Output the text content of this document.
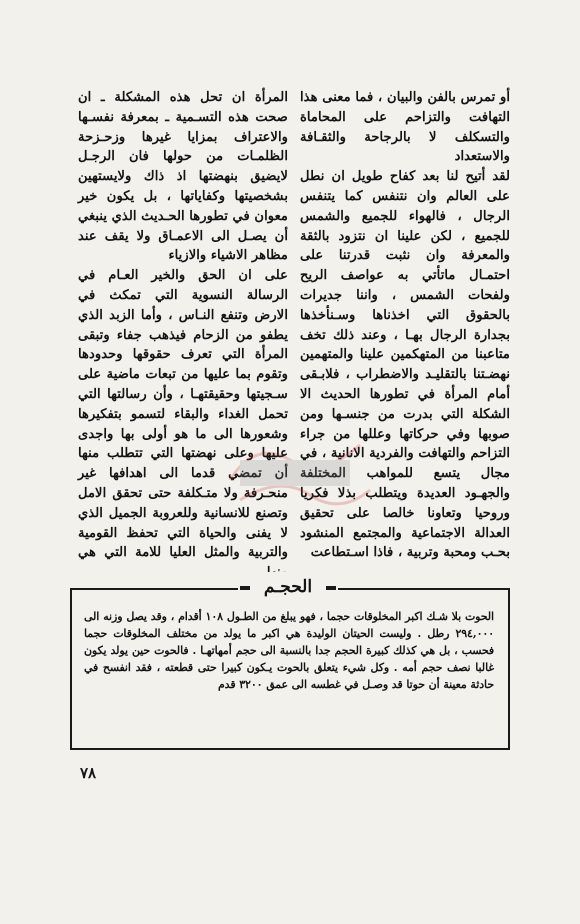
أو تمرس بالفن والبيان ، فما معنى هذا التهافت والتزاحم على المحاماة والتسكلف لا بالرجاحة والثقـافة والاستعداد

لقد أتيح لنا بعد كفاح طويل ان نطل على العالم وان نتنفس كما يتنفس الرجال ، فالهواء للجميع والشمس للجميع ، لكن علينا ان نتزود بالثقة والمعرفة وان نثبت قدرتنا على احتمـال ماتأتي به عواصف الريح ولفحات الشمس ، واننا جديرات بالحقوق التي اخذناها وسـنأخذها بجدارة الرجال بهـا ، وعند ذلك تخف متاعبنا من المتهكمين علينا والمتهمين نهضـتنا بالتقليـد والاضطراب ، فلابـقى أمام المرأة في تطورها الحديث الا الشكلة التي بدرت من جنسـها ومن صوبها وفي حركاتها وعللها من جراء التزاحم والتهافت والفردية الانانية ، في مجال يتسع للمواهب المختلفة والجهـود العديدة ويتطلب بذلا فكريا وروحيا وتعاونا خالصا على تحقيق العدالة الاجتماعية والمجتمع المنشود بحـب ومحبة وتربية ، فاذا اسـتطاعت

المرأة ان تحل هذه المشكلة ـ ان صحت هذه التسـمية ـ بمعرفة نفسـها والاعتراف بمزايا غيرها وزحـزحة الظلمـات من حولها فان الرجـل لايضيق بنهضتها اذ ذاك ولايستهين بشخصيتها وكفاياتها ، بل يكون خير معوان في تطورها الحـديث الذي ينبغي أن يصـل الى الاعمـاق ولا يقف عند مظاهر الاشياء والازياء

على ان الحق والخير العـام في الرسالة النسوية التي تمكث في الارض وتنفع النـاس ، وأما الزبد الذي يطفو من الزحام فيذهب جفاء وتبقى المرأة التي تعرف حقوقها وحدودها وتقوم بما عليها من تبعات ماضية على سـجيتها وحقيقتهـا ، وأن رسالتها التي تحمل الغداء والبقاء لتسمو بتفكيرها وشعورها الى ما هو أولى بها واجدى عليها وعلى نهضتها التي تتطلب منها أن تمضي قدما الى اهدافها غير منحـرفة ولا متـكلفة حتى تحقق الامل وتصنع للانسانية وللعروبة الجميل الذي لا يفنى والحياة التي تحفظ القومية والتربية والمثل العليا للامة التي هي

الحجـم
الحوت بلا شـك اكبر المخلوقات حجما ، فهو يبلغ من الطـول ١٠٨ أقدام ، وقد يصل وزنه الى ٢٩٤,٠٠٠ رطل . وليست الحيتان الوليدة هي اكبر ما يولد من مختلف المخلوقات حجما فحسب ، بل هي كذلك كبيرة الحجم جدا بالنسبة الى حجم أمهاتهـا . فالحوت حين يولد يكون غالبا نصف حجم أمه . وكل شيء يتعلق بالحوت يـكون كبيرا حتى قطعته ، فقد انفسح في حادثة معينة أن حوتا قد وصـل في غطسه الى عمق ٣٢٠٠ قدم
٧٨
